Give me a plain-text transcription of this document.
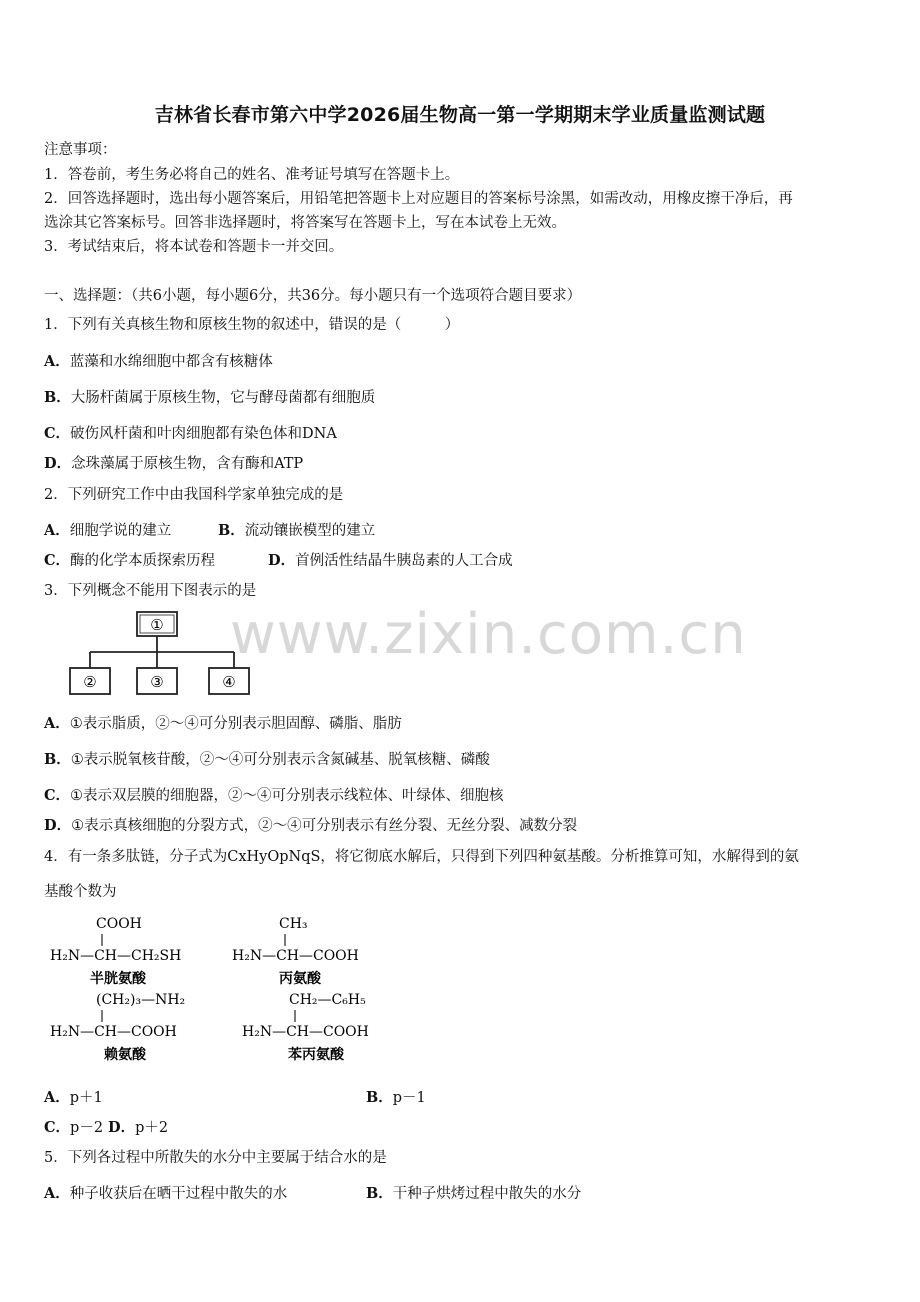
吉林省长春市第六中学2026届生物高一第一学期期末学业质量监测试题
注意事项：
1．答卷前，考生务必将自己的姓名、准考证号填写在答题卡上。
2．回答选择题时，选出每小题答案后，用铅笔把答题卡上对应题目的答案标号涂黑，如需改动，用橡皮擦干净后，再
选涂其它答案标号。回答非选择题时，将答案写在答题卡上，写在本试卷上无效。
3．考试结束后，将本试卷和答题卡一并交回。
一、选择题：（共6小题，每小题6分，共36分。每小题只有一个选项符合题目要求）
1．下列有关真核生物和原核生物的叙述中，错误的是（　　　）
A．蓝藻和水绵细胞中都含有核糖体
B．大肠杆菌属于原核生物，它与酵母菌都有细胞质
C．破伤风杆菌和叶肉细胞都有染色体和DNA
D．念珠藻属于原核生物，含有酶和ATP
2．下列研究工作中由我国科学家单独完成的是
A．细胞学说的建立	B．流动镶嵌模型的建立
C．酶的化学本质探索历程	D．首例活性结晶牛胰岛素的人工合成
3．下列概念不能用下图表示的是
①
②	③	④
www.zixin.com.cn
A．①表示脂质，②～④可分别表示胆固醇、磷脂、脂肪
B．①表示脱氧核苷酸，②～④可分别表示含氮碱基、脱氧核糖、磷酸
C．①表示双层膜的细胞器，②～④可分别表示线粒体、叶绿体、细胞核
D．①表示真核细胞的分裂方式，②～④可分别表示有丝分裂、无丝分裂、减数分裂
4．有一条多肽链，分子式为CxHyOpNqS，将它彻底水解后，只得到下列四种氨基酸。分析推算可知，水解得到的氨
基酸个数为
COOH
H₂N—CH—CH₂SH
半胱氨酸
CH₃
H₂N—CH—COOH
丙氨酸
(CH₂)₃—NH₂
H₂N—CH—COOH
赖氨酸
CH₂—C₆H₅
H₂N—CH—COOH
苯丙氨酸
A．p＋1	B．p－1
C．p－2 D．p＋2
5．下列各过程中所散失的水分中主要属于结合水的是
A．种子收获后在晒干过程中散失的水	B．干种子烘烤过程中散失的水分
